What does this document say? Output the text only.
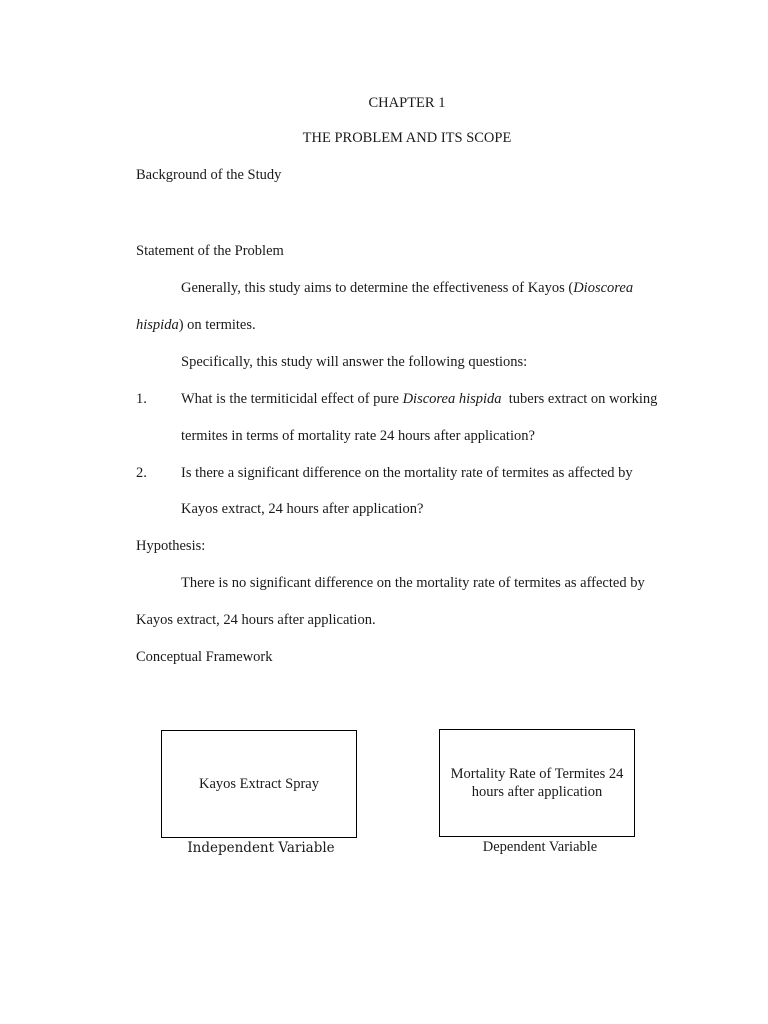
CHAPTER 1
THE PROBLEM AND ITS SCOPE
Background of the Study
Statement of the Problem
Generally, this study aims to determine the effectiveness of Kayos (Dioscorea
hispida) on termites.
Specifically, this study will answer the following questions:
1. What is the termiticidal effect of pure Discorea hispida  tubers extract on working
termites in terms of mortality rate 24 hours after application?
2. Is there a significant difference on the mortality rate of termites as affected by
Kayos extract, 24 hours after application?
Hypothesis:
There is no significant difference on the mortality rate of termites as affected by
Kayos extract, 24 hours after application.
Conceptual Framework
Kayos Extract Spray
Independent Variable
Mortality Rate of Termites 24 hours after application
Dependent Variable
